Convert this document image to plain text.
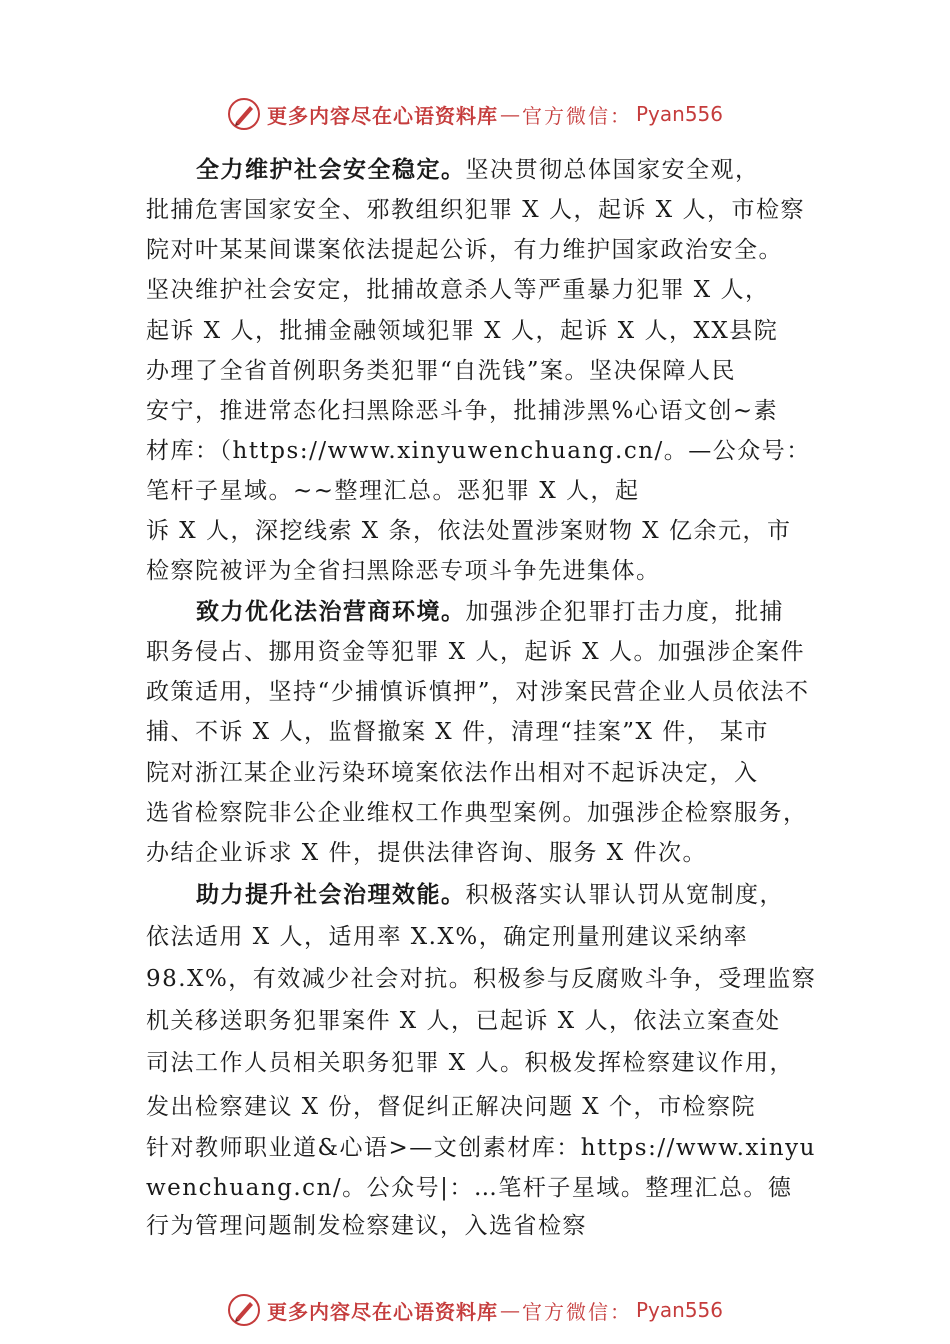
更多内容尽在心语资料库 — 官方微信： Pyan556
全力维护社会安全稳定。坚决贯彻总体国家安全观，
批捕危害国家安全、邪教组织犯罪 X 人，起诉 X 人，市检察
院对叶某某间谍案依法提起公诉，有力维护国家政治安全。
坚决维护社会安定，批捕故意杀人等严重暴力犯罪 X 人，
起诉 X 人，批捕金融领域犯罪 X 人，起诉 X 人，XX县院
办理了全省首例职务类犯罪“自洗钱”案。坚决保障人民
安宁，推进常态化扫黑除恶斗争，批捕涉黑%心语文创~素
材库：（https://www.xinyuwenchuang.cn/。—公众号：
笔杆子星域。~~整理汇总。恶犯罪 X 人，起
诉 X 人，深挖线索 X 条，依法处置涉案财物 X 亿余元，市
检察院被评为全省扫黑除恶专项斗争先进集体。
致力优化法治营商环境。加强涉企犯罪打击力度，批捕
职务侵占、挪用资金等犯罪 X 人，起诉 X 人。加强涉企案件
政策适用，坚持“少捕慎诉慎押”，对涉案民营企业人员依法不
捕、不诉 X 人，监督撤案 X 件，清理“挂案”X 件， 某市
院对浙江某企业污染环境案依法作出相对不起诉决定，入
选省检察院非公企业维权工作典型案例。加强涉企检察服务，
办结企业诉求 X 件，提供法律咨询、服务 X 件次。
助力提升社会治理效能。积极落实认罪认罚从宽制度，
依法适用 X 人，适用率 X.X%，确定刑量刑建议采纳率
98.X%，有效减少社会对抗。积极参与反腐败斗争，受理监察
机关移送职务犯罪案件 X 人，已起诉 X 人，依法立案查处
司法工作人员相关职务犯罪 X 人。积极发挥检察建议作用，
发出检察建议 X 份，督促纠正解决问题 X 个，市检察院
针对教师职业道&心语>—文创素材库：https://www.xinyu
wenchuang.cn/。公众号|：…笔杆子星域。整理汇总。德
行为管理问题制发检察建议，入选省检察
更多内容尽在心语资料库 — 官方微信： Pyan556
